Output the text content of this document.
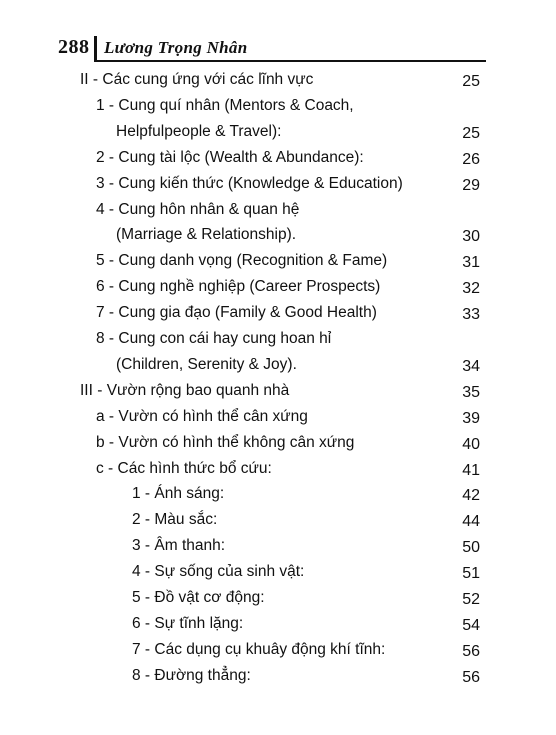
288 Lương Trọng Nhân
II - Các cung ứng với các lĩnh vực	25
1 - Cung quí nhân (Mentors & Coach,
Helpfulpeople & Travel):	25
2 - Cung tài lộc (Wealth & Abundance):	26
3 - Cung kiến thức (Knowledge & Education)	29
4 - Cung hôn nhân & quan hệ
(Marriage & Relationship).	30
5 - Cung danh vọng (Recognition & Fame)	31
6 - Cung nghề nghiệp (Career Prospects)	32
7 - Cung gia đạo (Family & Good Health)	33
8 - Cung con cái hay cung hoan hỉ
(Children, Serenity & Joy).	34
III - Vườn rộng bao quanh nhà	35
a - Vườn có hình thể cân xứng	39
b - Vườn có hình thể không cân xứng	40
c - Các hình thức bổ cứu:	41
1 - Ánh sáng:	42
2 - Màu sắc:	44
3 - Âm thanh:	50
4 - Sự sống của sinh vật:	51
5 - Đồ vật cơ động:	52
6 - Sự tĩnh lặng:	54
7 - Các dụng cụ khuây động khí tĩnh:	56
8 - Đường thẳng:	56
